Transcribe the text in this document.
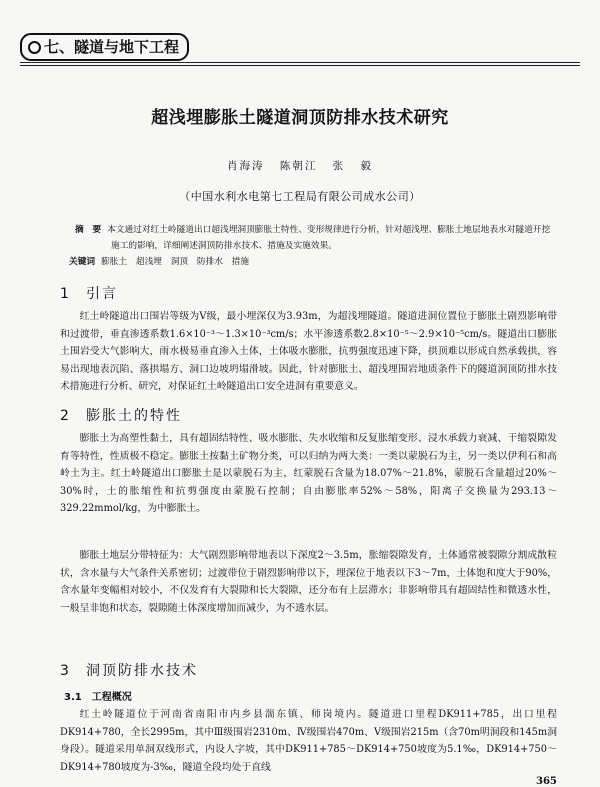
七、隧道与地下工程
超浅埋膨胀土隧道洞顶防排水技术研究
肖海涛 陈朝江 张 毅
（中国水利水电第七工程局有限公司成水公司）
摘　要 本文通过对红土岭隧道出口超浅埋洞顶膨胀土特性、变形规律进行分析，针对超浅埋、膨胀土地层地表水对隧道开挖施工的影响，详细阐述洞顶防排水技术、措施及实施效果。
关键词 膨胀土 超浅埋 洞顶 防排水 措施
1 引言
红土岭隧道出口围岩等级为Ⅴ级，最小埋深仅为3.93m，为超浅埋隧道。隧道进洞位置位于膨胀土剧烈影响带和过渡带，垂直渗透系数1.6×10⁻³～1.3×10⁻³cm/s；水平渗透系数2.8×10⁻⁵～2.9×10⁻⁵cm/s。隧道出口膨胀土围岩受大气影响大，雨水极易垂直渗入土体，土体吸水膨胀，抗剪强度迅速下降，拱顶难以形成自然承载拱，容易出现地表沉陷、落拱塌方、洞口边坡坍塌滑坡。因此，针对膨胀土、超浅埋围岩地质条件下的隧道洞顶防排水技术措施进行分析、研究，对保证红土岭隧道出口安全进洞有重要意义。
2 膨胀土的特性
膨胀土为高塑性黏土，具有超固结特性、吸水膨胀、失水收缩和反复胀缩变形、浸水承载力衰减、干缩裂隙发育等特性，性质极不稳定。膨胀土按黏土矿物分类，可以归纳为两大类：一类以蒙脱石为主，另一类以伊利石和高岭土为主。红土岭隧道出口膨胀土是以蒙脱石为主，红蒙脱石含量为18.07%～21.8%，蒙脱石含量超过20%～30%时，土的胀缩性和抗剪强度由蒙脱石控制；自由膨胀率52%～58%，阳离子交换量为293.13～329.22mmol/kg，为中膨胀土。
膨胀土地层分带特征为：大气剧烈影响带地表以下深度2～3.5m，胀缩裂隙发育，土体通常被裂隙分割成散粒状，含水量与大气条件关系密切；过渡带位于剧烈影响带以下，埋深位于地表以下3～7m，土体饱和度大于90%，含水量年变幅相对较小，不仅发育有大裂隙和长大裂隙，还分布有上层滞水；非影响带具有超固结性和微透水性，一般呈非饱和状态，裂隙随土体深度增加而减少，为不透水层。
3 洞顶防排水技术
3.1　工程概况
红土岭隧道位于河南省南阳市内乡县湍东镇、师岗境内。隧道进口里程DK911+785，出口里程DK914+780，全长2995m，其中Ⅲ级围岩2310m、Ⅳ级围岩470m、Ⅴ级围岩215m（含70m明洞段和145m洞身段）。隧道采用单洞双线形式，内设人字坡，其中DK911+785～DK914+750坡度为5.1‰，DK914+750～DK914+780坡度为-3‰，隧道全段均处于直线
365
